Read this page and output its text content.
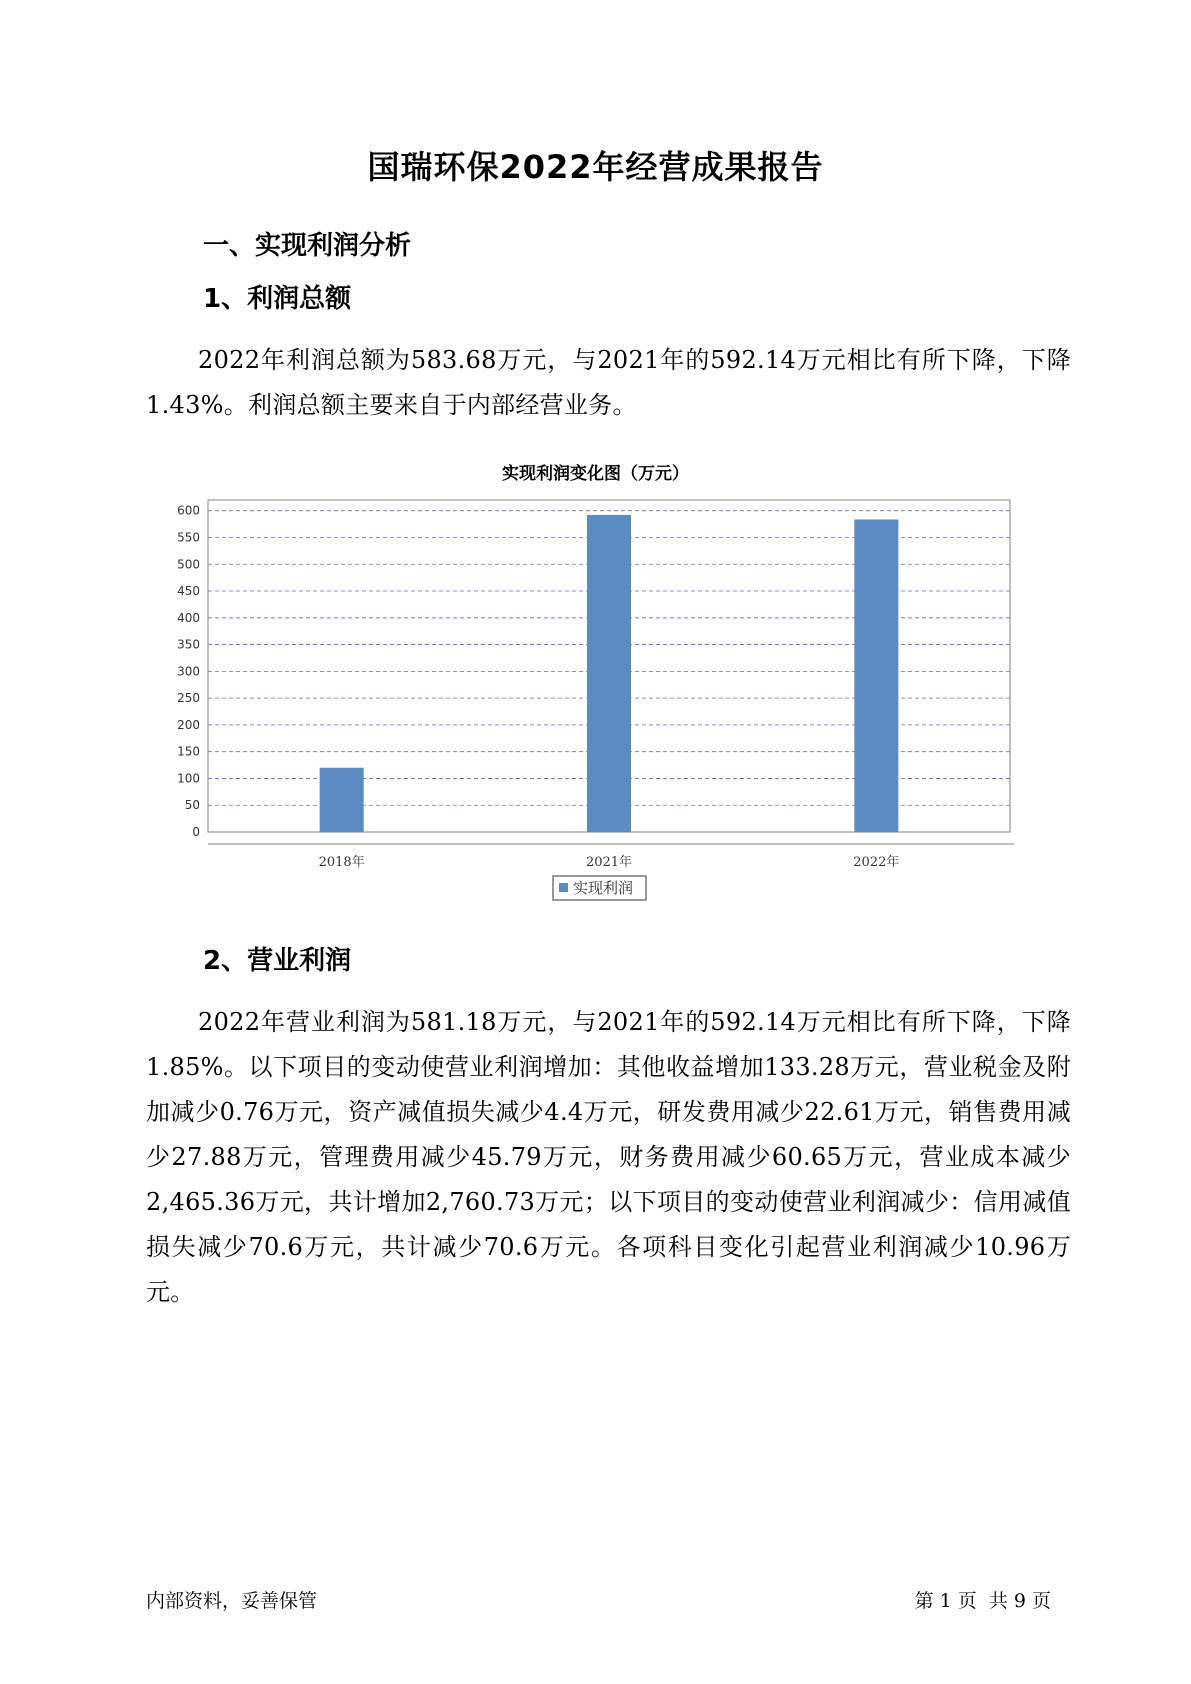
国瑞环保2022年经营成果报告
一、实现利润分析
1、利润总额
2022年利润总额为583.68万元，与2021年的592.14万元相比有所下降，下降1.43%。利润总额主要来自于内部经营业务。
实现利润变化图（万元）
0
50
100
150
200
250
300
350
400
450
500
550
600
2018年	2021年	2022年
实现利润
2、营业利润
2022年营业利润为581.18万元，与2021年的592.14万元相比有所下降，下降1.85%。以下项目的变动使营业利润增加：其他收益增加133.28万元，营业税金及附加减少0.76万元，资产减值损失减少4.4万元，研发费用减少22.61万元，销售费用减少27.88万元，管理费用减少45.79万元，财务费用减少60.65万元，营业成本减少2,465.36万元，共计增加2,760.73万元；以下项目的变动使营业利润减少：信用减值损失减少70.6万元，共计减少70.6万元。各项科目变化引起营业利润减少10.96万元。
内部资料，妥善保管	第 1 页  共 9 页
